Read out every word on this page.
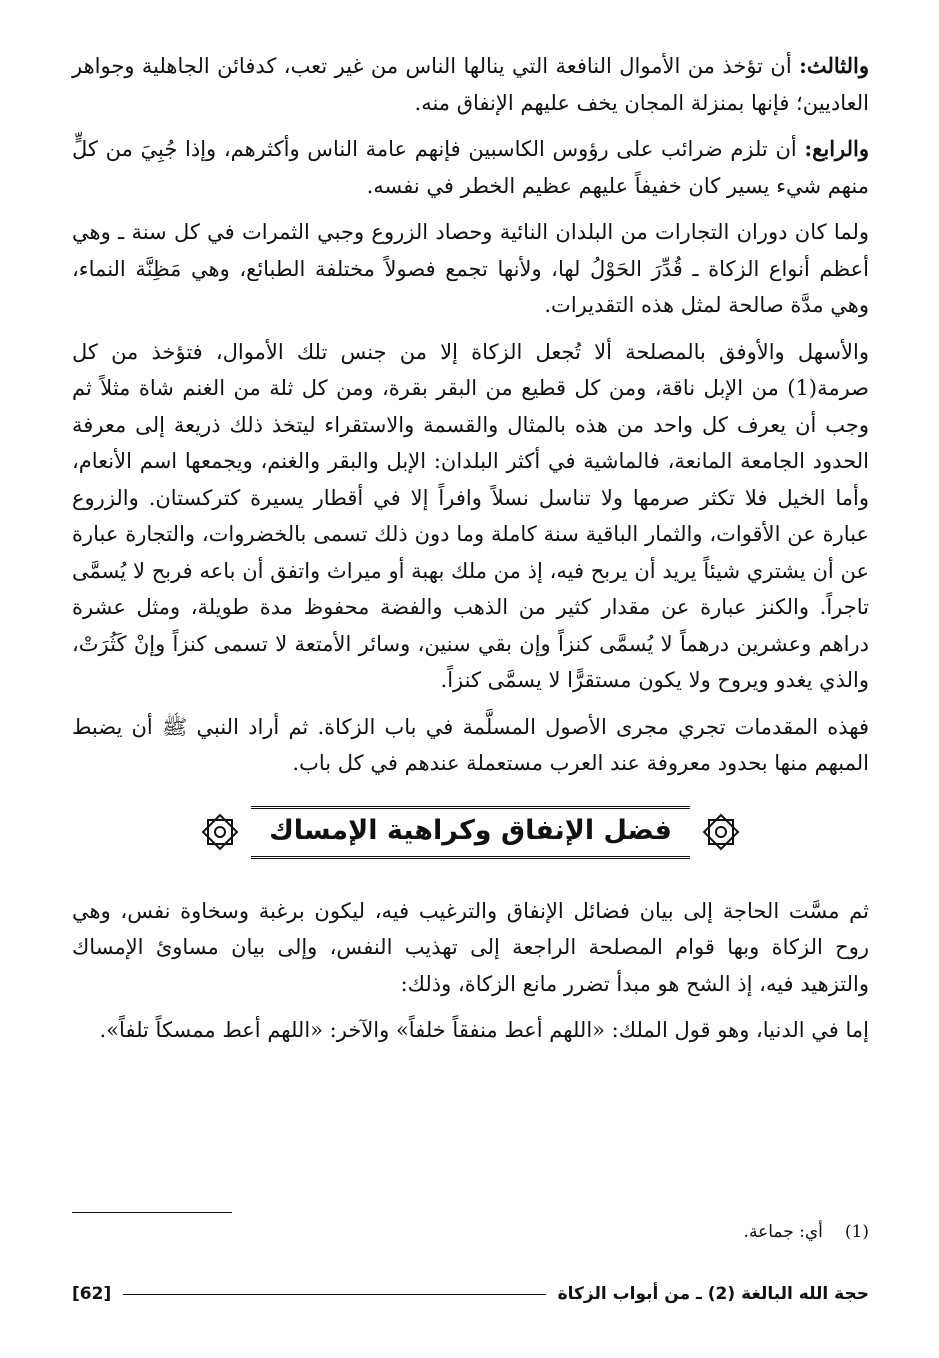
والثالث: أن تؤخذ من الأموال النافعة التي ينالها الناس من غير تعب، كدفائن الجاهلية وجواهر العاديين؛ فإنها بمنزلة المجان يخف عليهم الإنفاق منه.

والرابع: أن تلزم ضرائب على رؤوس الكاسبين فإنهم عامة الناس وأكثرهم، وإذا جُبِيَ من كلٍّ منهم شيء يسير كان خفيفاً عليهم عظيم الخطر في نفسه.

ولما كان دوران التجارات من البلدان النائية وحصاد الزروع وجبي الثمرات في كل سنة ـ وهي أعظم أنواع الزكاة ـ قُدِّرَ الحَوْلُ لها، ولأنها تجمع فصولاً مختلفة الطبائع، وهي مَظِنَّة النماء، وهي مدَّة صالحة لمثل هذه التقديرات.

والأسهل والأوفق بالمصلحة ألا تُجعل الزكاة إلا من جنس تلك الأموال، فتؤخذ من كل صرمة(1) من الإبل ناقة، ومن كل قطيع من البقر بقرة، ومن كل ثلة من الغنم شاة مثلاً ثم وجب أن يعرف كل واحد من هذه بالمثال والقسمة والاستقراء ليتخذ ذلك ذريعة إلى معرفة الحدود الجامعة المانعة، فالماشية في أكثر البلدان: الإبل والبقر والغنم، ويجمعها اسم الأنعام، وأما الخيل فلا تكثر صرمها ولا تناسل نسلاً وافراً إلا في أقطار يسيرة كتركستان. والزروع عبارة عن الأقوات، والثمار الباقية سنة كاملة وما دون ذلك تسمى بالخضروات، والتجارة عبارة عن أن يشتري شيئاً يريد أن يربح فيه، إذ من ملك بهبة أو ميراث واتفق أن باعه فربح لا يُسمَّى تاجراً. والكنز عبارة عن مقدار كثير من الذهب والفضة محفوظ مدة طويلة، ومثل عشرة دراهم وعشرين درهماً لا يُسمَّى كنزاً وإن بقي سنين، وسائر الأمتعة لا تسمى كنزاً وإنْ كَثُرَتْ، والذي يغدو ويروح ولا يكون مستقرًّا لا يسمَّى كنزاً.

فهذه المقدمات تجري مجرى الأصول المسلَّمة في باب الزكاة. ثم أراد النبي ﷺ أن يضبط المبهم منها بحدود معروفة عند العرب مستعملة عندهم في كل باب.

فضل الإنفاق وكراهية الإمساك

ثم مسَّت الحاجة إلى بيان فضائل الإنفاق والترغيب فيه، ليكون برغبة وسخاوة نفس، وهي روح الزكاة وبها قوام المصلحة الراجعة إلى تهذيب النفس، وإلى بيان مساوئ الإمساك والتزهيد فيه، إذ الشح هو مبدأ تضرر مانع الزكاة، وذلك:

إما في الدنيا، وهو قول الملك: «اللهم أعط منفقاً خلفاً» والآخر: «اللهم أعط ممسكاً تلفاً».

(1)أي: جماعة.
حجة الله البالغة (2) ـ من أبواب الزكاة
[62]
